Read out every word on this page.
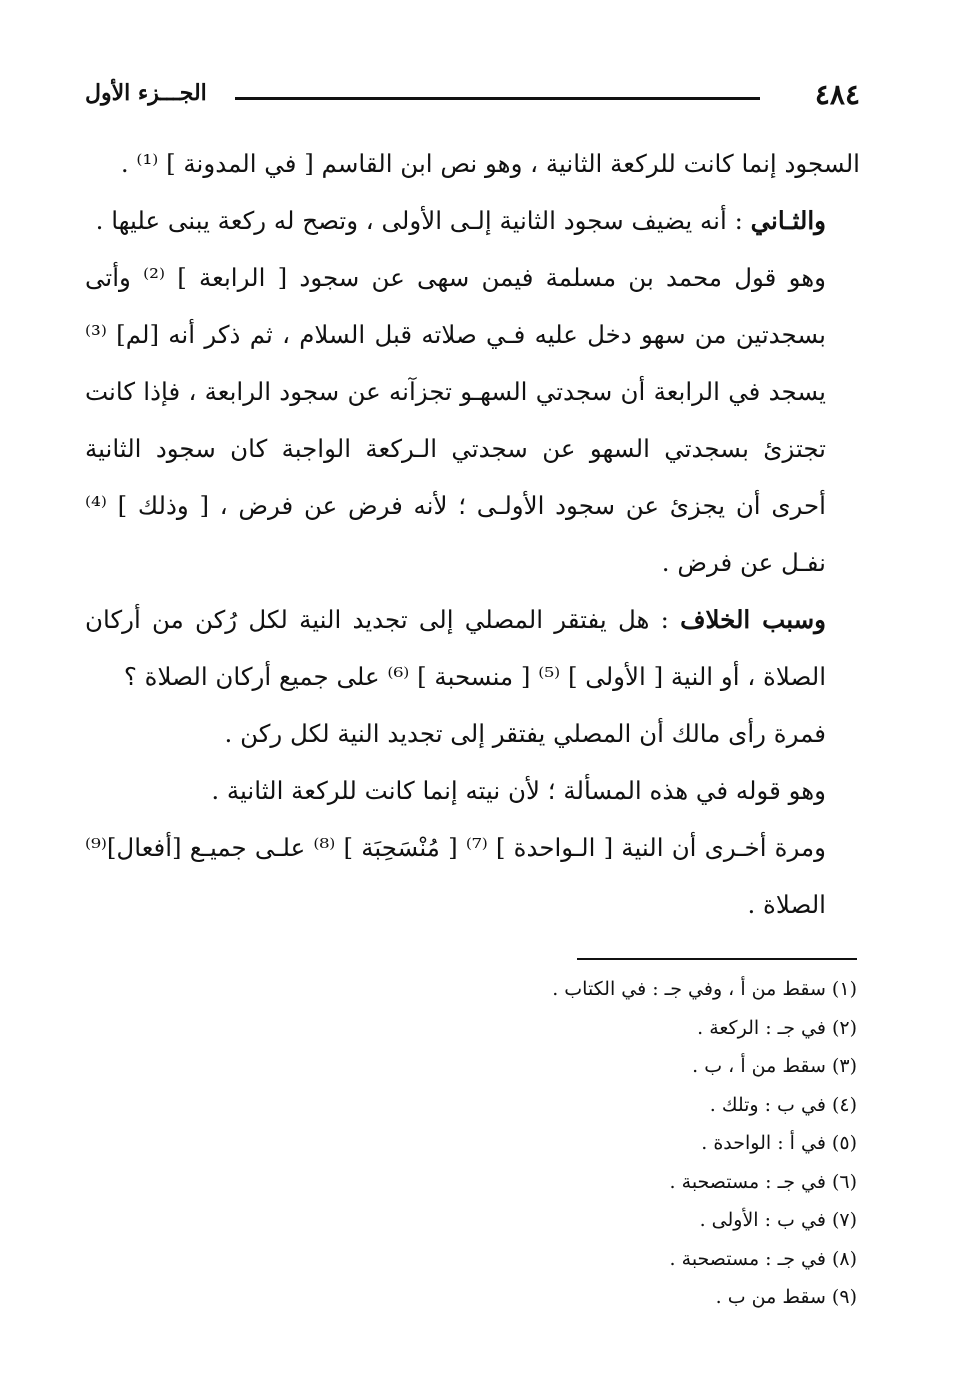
٤٨٤
الجـــزء الأول

السجود إنما كانت للركعة الثانية ، وهو نص ابن القاسم [ في المدونة ] ⁽¹⁾ .

والثـاني : أنه يضيف سجود الثانية إلـى الأولى ، وتصح له ركعة يبنى عليها .

وهو قول محمد بن مسلمة فيمن سهى عن سجود [ الرابعة ] ⁽²⁾ وأتى بسجدتين من سهو دخل عليه فـي صلاته قبل السلام ، ثم ذكر أنه [لم] ⁽³⁾ يسجد في الرابعة أن سجدتي السهـو تجزآنه عن سجود الرابعة ، فإذا كانت تجتزئ بسجدتي السهو عن سجدتي الـركعة الواجبة كان سجود الثانية أحرى أن يجزئ عن سجود الأولـى ؛ لأنه فرض عن فرض ، [ وذلك ] ⁽⁴⁾ نفـل عن فرض .

وسبب الخلاف : هل يفتقر المصلي إلى تجديد النية لكل رُكن من أركان الصلاة ، أو النية [ الأولى ] ⁽⁵⁾ [ منسحبة ] ⁽⁶⁾ على جميع أركان الصلاة ؟

فمرة رأى مالك أن المصلي يفتقر إلى تجديد النية لكل ركن .

وهو قوله في هذه المسألة ؛ لأن نيته إنما كانت للركعة الثانية .

ومرة أخـرى أن النية [ الـواحدة ] ⁽⁷⁾ [ مُنْسَحِبَة ] ⁽⁸⁾ علـى جميـع [أفعال]⁽⁹⁾ الصلاة .

(١) سقط من أ ، وفي جـ : في الكتاب .

(٢) في جـ : الركعة .

(٣) سقط من أ ، ب .

(٤) في ب : وتلك .

(٥) في أ : الواحدة .

(٦) في جـ : مستصحبة .

(٧) في ب : الأولى .

(٨) في جـ : مستصحبة .

(٩) سقط من ب .
